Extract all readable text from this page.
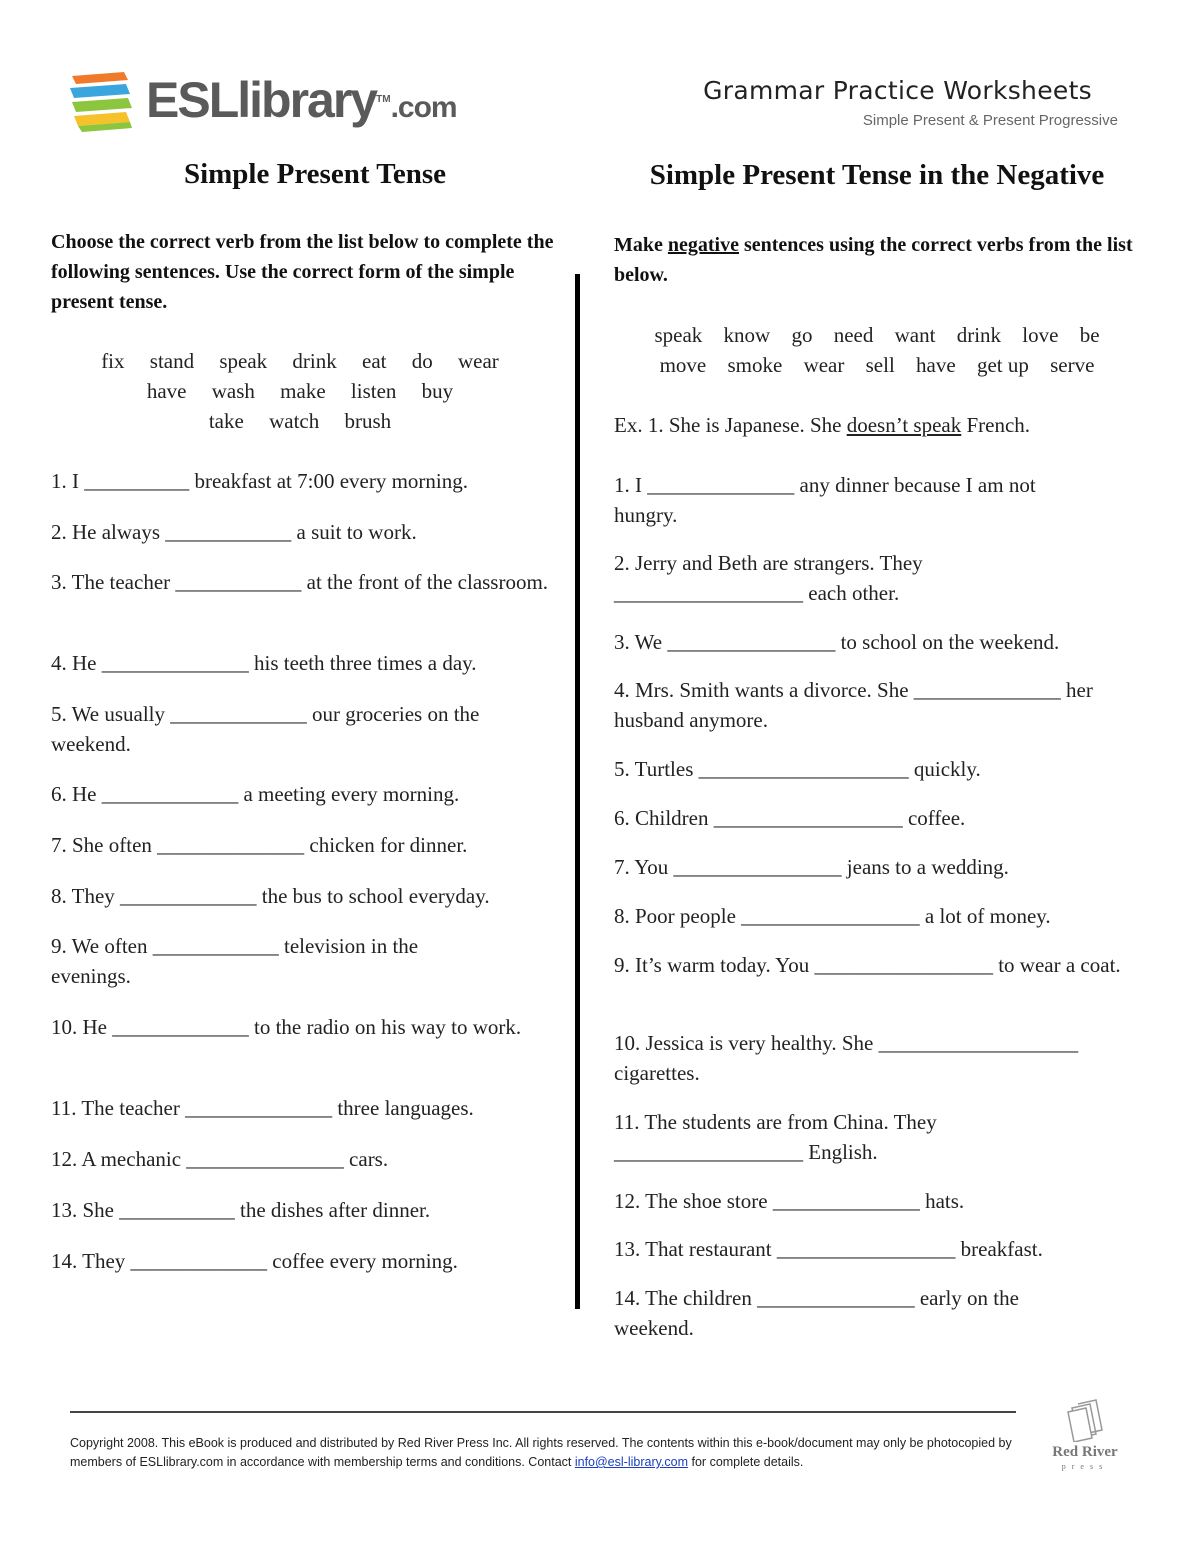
ESLlibrary™.com
Grammar Practice Worksheets
Simple Present & Present Progressive
Simple Present Tense
Choose the correct verb from the list below to complete the following sentences. Use the correct form of the simple present tense.
fix stand speak drink eat do wear
have wash make listen buy
take watch brush
1. I __________ breakfast at 7:00 every morning.
2. He always ____________ a suit to work.
3. The teacher ____________ at the front of the classroom.
4. He ______________ his teeth three times a day.
5. We usually _____________ our groceries on the weekend.
6. He _____________ a meeting every morning.
7. She often ______________ chicken for dinner.
8. They _____________ the bus to school everyday.
9. We often ____________ television in the evenings.
10. He _____________ to the radio on his way to work.
11. The teacher ______________ three languages.
12. A mechanic _______________ cars.
13. She ___________ the dishes after dinner.
14. They _____________ coffee every morning.
Simple Present Tense in the Negative
Make negative sentences using the correct verbs from the list below.
speak know go need want drink love be
move smoke wear sell have get up serve
Ex. 1. She is Japanese. She doesn’t speak French.
1. I ______________ any dinner because I am not hungry.
2. Jerry and Beth are strangers. They __________________ each other.
3. We ________________ to school on the weekend.
4. Mrs. Smith wants a divorce. She ______________ her husband anymore.
5. Turtles ____________________ quickly.
6. Children __________________ coffee.
7. You ________________ jeans to a wedding.
8. Poor people _________________ a lot of money.
9. It’s warm today. You _________________ to wear a coat.
10. Jessica is very healthy. She ___________________ cigarettes.
11. The students are from China. They __________________ English.
12. The shoe store ______________ hats.
13. That restaurant _________________ breakfast.
14. The children _______________ early on the weekend.
Copyright 2008. This eBook is produced and distributed by Red River Press Inc. All rights reserved. The contents within this e-book/document may only be photocopied by members of ESLlibrary.com in accordance with membership terms and conditions. Contact info@esl-library.com for complete details.
Red River
press
